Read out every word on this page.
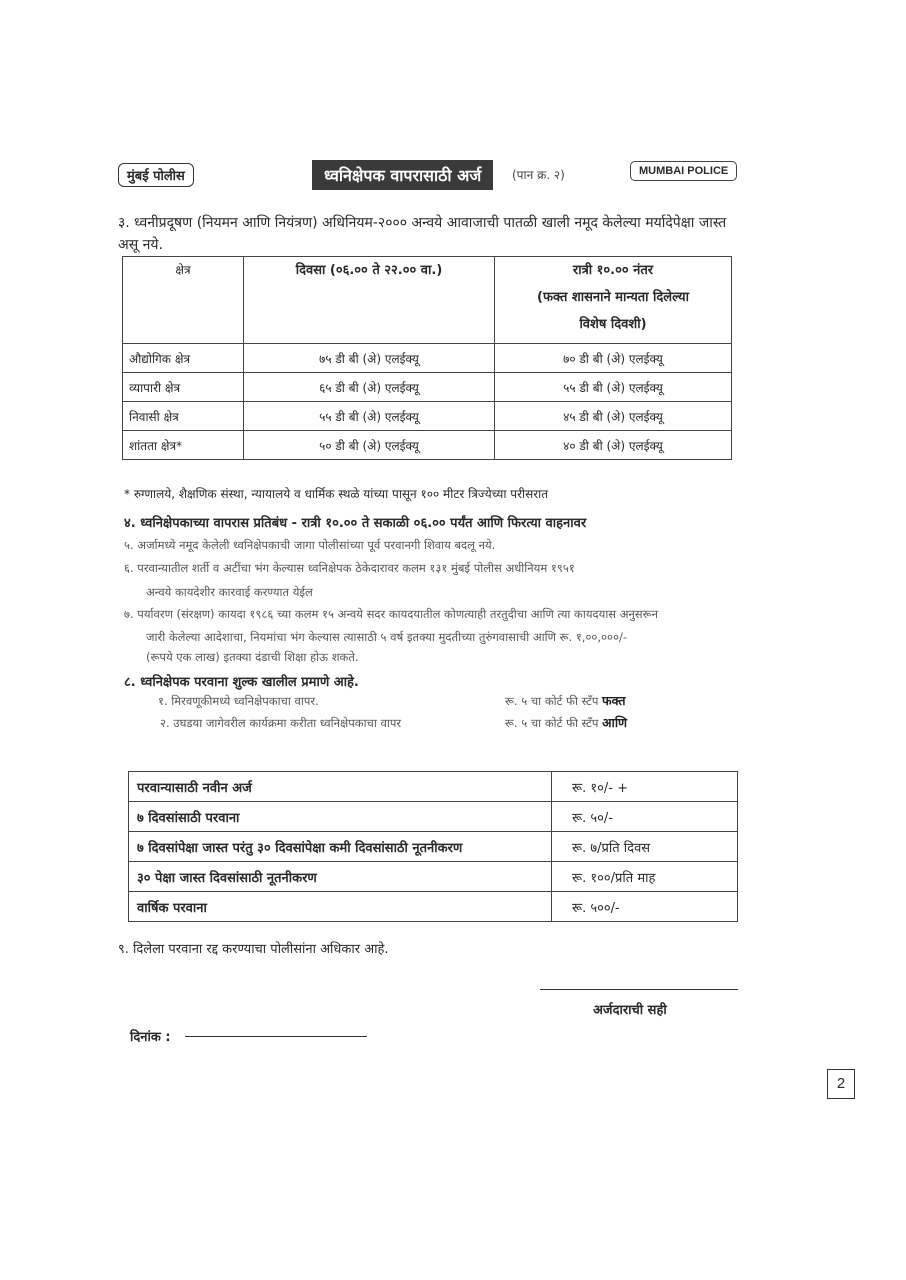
मुंबई पोलीस	ध्वनिक्षेपक वापरासाठी अर्ज	(पान क्र. २)	MUMBAI POLICE
३. ध्वनीप्रदूषण (नियमन आणि नियंत्रण) अधिनियम-२००० अन्वये आवाजाची पातळी खाली नमूद केलेल्या मर्यादेपेक्षा जास्त असू नये.
क्षेत्र	दिवसा (०६.०० ते २२.०० वा.)	रात्री १०.०० नंतर
(फक्त शासनाने मान्यता दिलेल्या
विशेष दिवशी)

औद्योगिक क्षेत्र	७५ डी बी (अे) एलईक्यू	७० डी बी (अे) एलईक्यू
व्यापारी क्षेत्र	६५ डी बी (अे) एलईक्यू	५५ डी बी (अे) एलईक्यू
निवासी क्षेत्र	५५ डी बी (अे) एलईक्यू	४५ डी बी (अे) एलईक्यू
शांतता क्षेत्र*	५० डी बी (अे) एलईक्यू	४० डी बी (अे) एलईक्यू
* रुग्णालये, शैक्षणिक संस्था, न्यायालये व धार्मिक स्थळे यांच्या पासून १०० मीटर त्रिज्येच्या परीसरात
४. ध्वनिक्षेपकाच्या वापरास प्रतिबंध - रात्री १०.०० ते सकाळी ०६.०० पर्यंत आणि फिरत्या वाहनावर
५. अर्जामध्ये नमूद केलेली ध्वनिक्षेपकाची जागा पोलीसांच्या पूर्व परवानगी शिवाय बदलू नये.
६. परवान्यातील शर्ती व अटींचा भंग केल्यास ध्वनिक्षेपक ठेकेदारावर कलम १३१ मुंबई पोलीस अधीनियम १९५१
अन्वये कायदेशीर कारवाई करण्यात येईल
७. पर्यावरण (संरक्षण) कायदा १९८६ च्या कलम १५ अन्वये सदर कायदयातील कोणत्याही तरतुदीचा आणि त्या कायदयास अनुसरून
जारी केलेल्या आदेशाचा, नियमांचा भंग केल्यास त्यासाठी ५ वर्ष इतक्या मुदतीच्या तुरुंगवासाची आणि रू. १,००,०००/-
(रूपये एक लाख) इतक्या दंडाची शिक्षा होऊ शकते.
८. ध्वनिक्षेपक परवाना शुल्क खालील प्रमाणे आहे.
१. मिरवणूकीमध्ये ध्वनिक्षेपकाचा वापर.	रू. ५ चा कोर्ट फी स्टॅंप फक्त
२. उघडया जागेवरील कार्यक्रमा करीता ध्वनिक्षेपकाचा वापर	रू. ५ चा कोर्ट फी स्टॅंप आणि
परवान्यासाठी नवीन अर्ज	रू. १०/- +
७ दिवसांसाठी परवाना	रू. ५०/-
७ दिवसांपेक्षा जास्त परंतु ३० दिवसांपेक्षा कमी दिवसांसाठी नूतनीकरण	रू. ७/प्रति दिवस
३० पेक्षा जास्त दिवसांसाठी नूतनीकरण	रू. १००/प्रति माह
वार्षिक परवाना	रू. ५००/-
९. दिलेला परवाना रद्द करण्याचा पोलीसांना अधिकार आहे.
अर्जदाराची सही
दिनांक :
2
